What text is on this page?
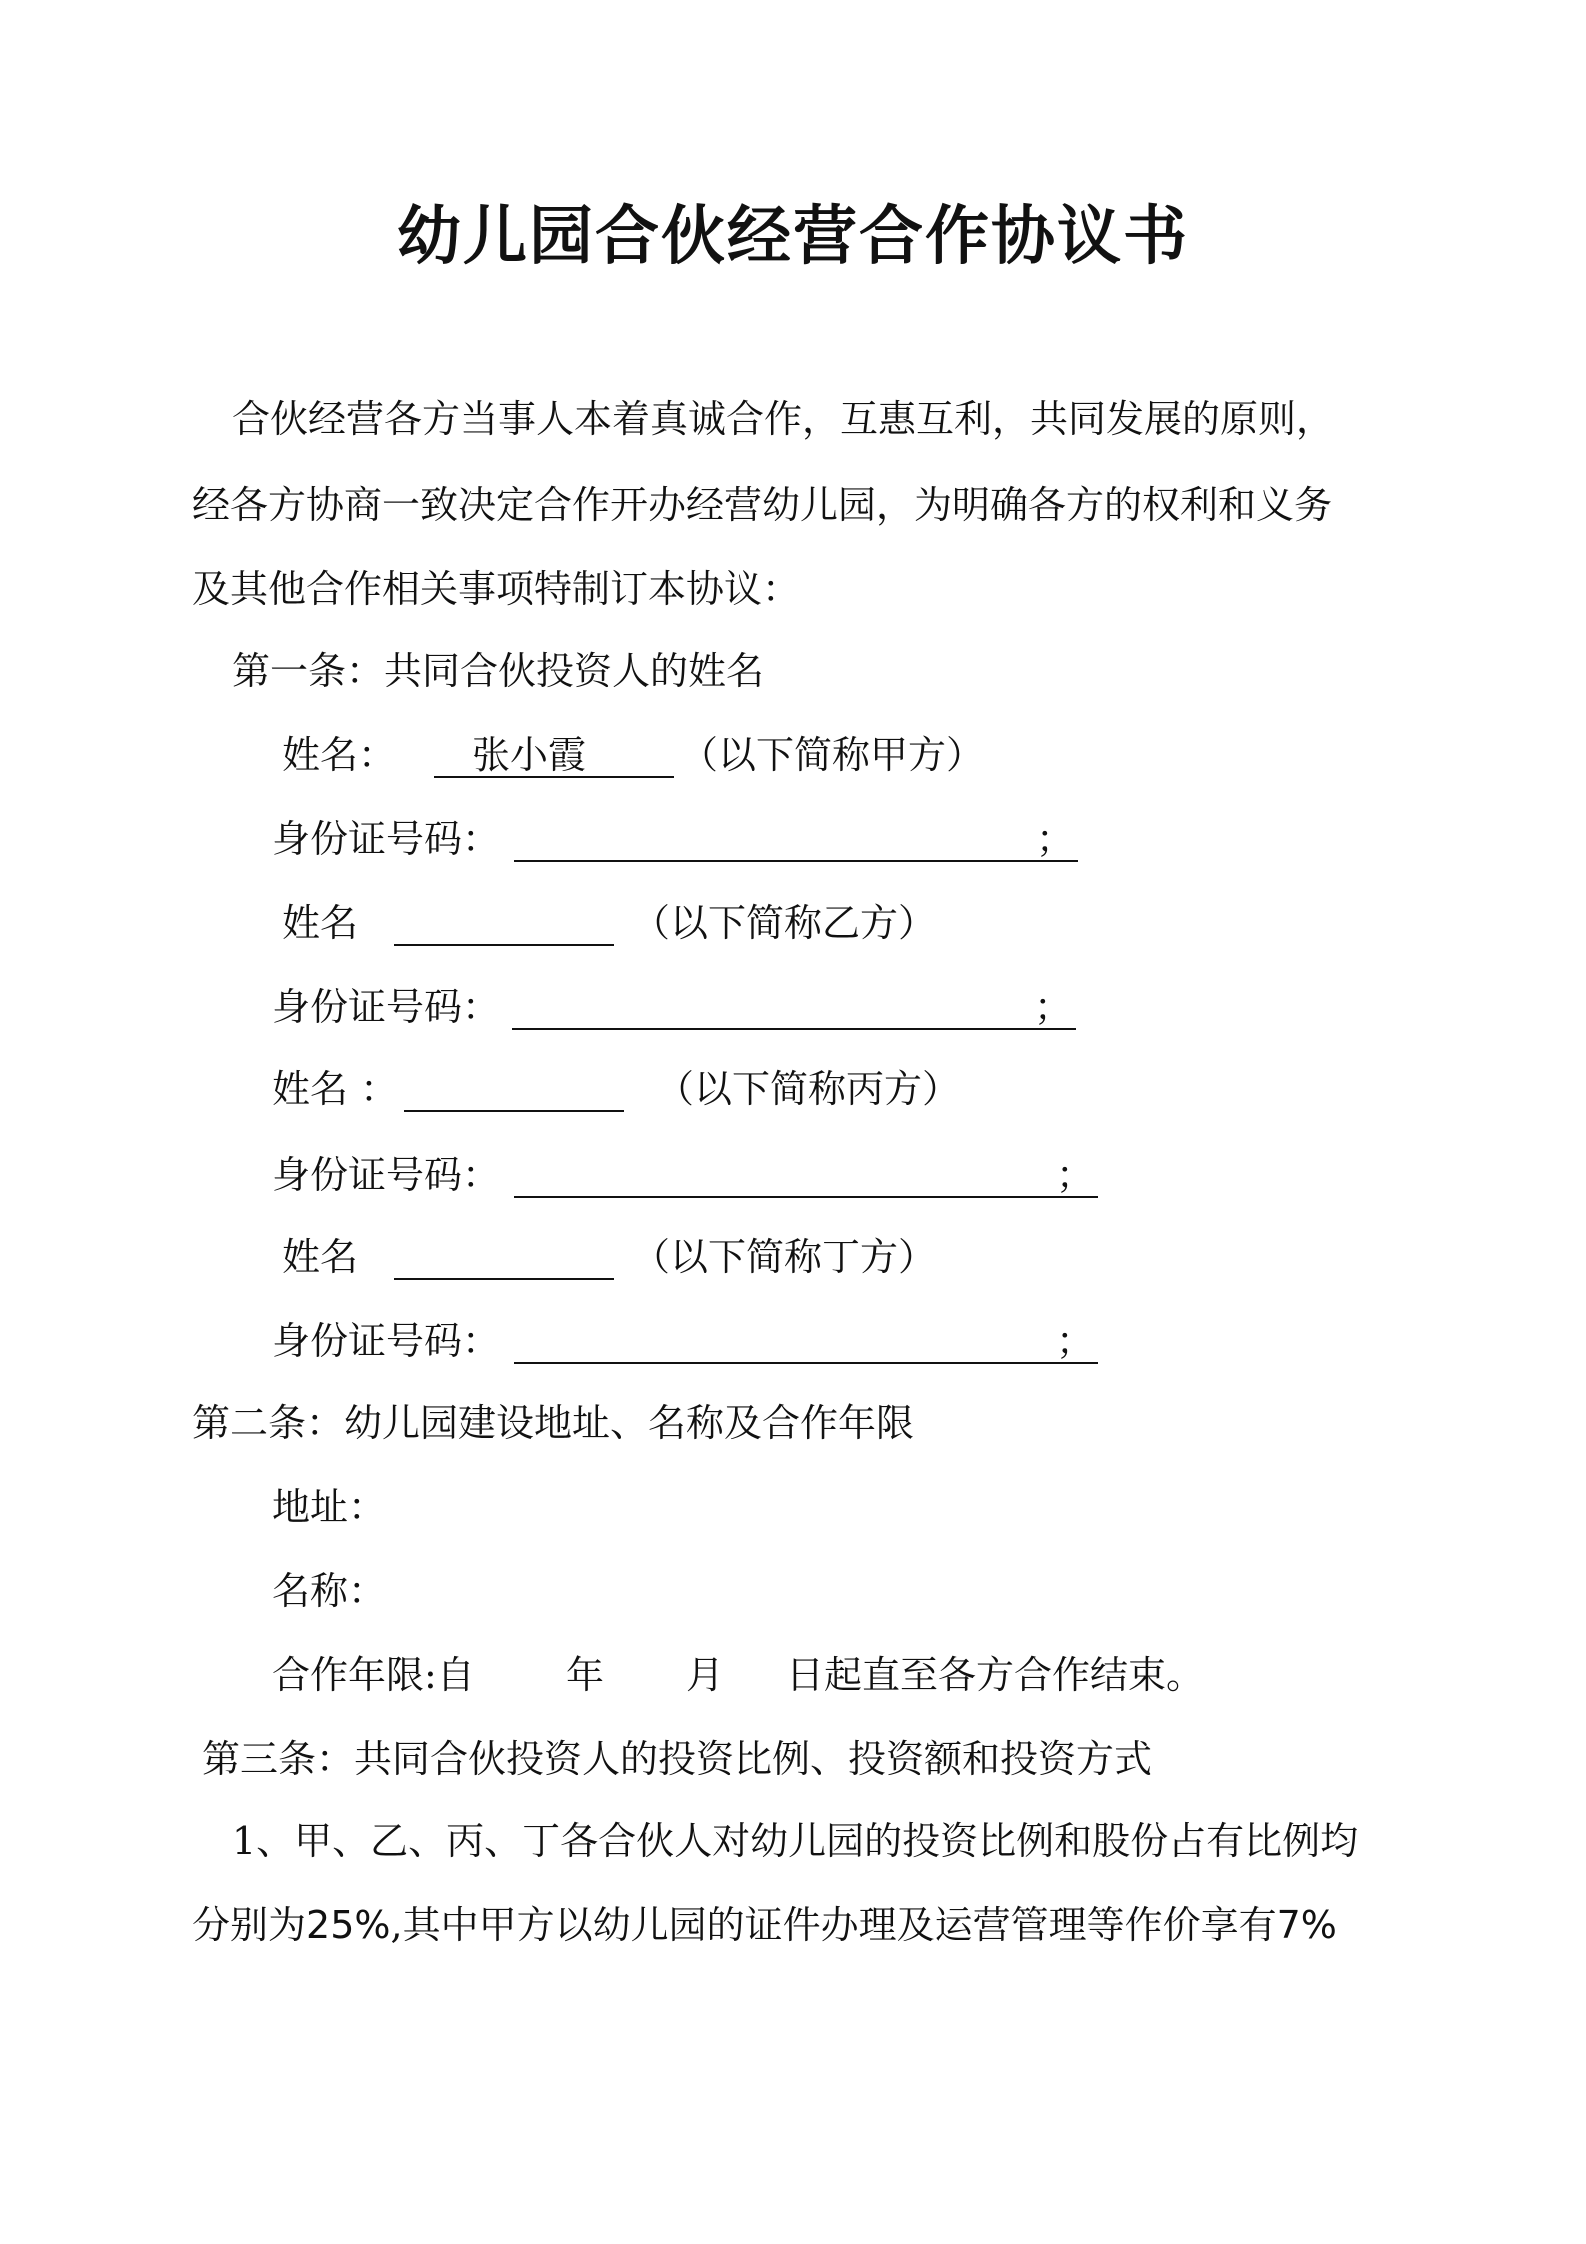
幼儿园合伙经营合作协议书
合伙经营各方当事人本着真诚合作，互惠互利，共同发展的原则，
经各方协商一致决定合作开办经营幼儿园，为明确各方的权利和义务
及其他合作相关事项特制订本协议：
第一条：共同合伙投资人的姓名
姓名： 张小霞 （以下简称甲方）
身份证号码：	；
姓名	（以下简称乙方）
身份证号码：	；
姓名 ：	（以下简称丙方）
身份证号码：	；
姓名	（以下简称丁方）
身份证号码：	；
第二条：幼儿园建设地址、名称及合作年限
地址：
名称：
合作年限:自 年 月 日起直至各方合作结束。
第三条：共同合伙投资人的投资比例、投资额和投资方式
1、甲、乙、丙、丁各合伙人对幼儿园的投资比例和股份占有比例均
分别为25%,其中甲方以幼儿园的证件办理及运营管理等作价享有7%
